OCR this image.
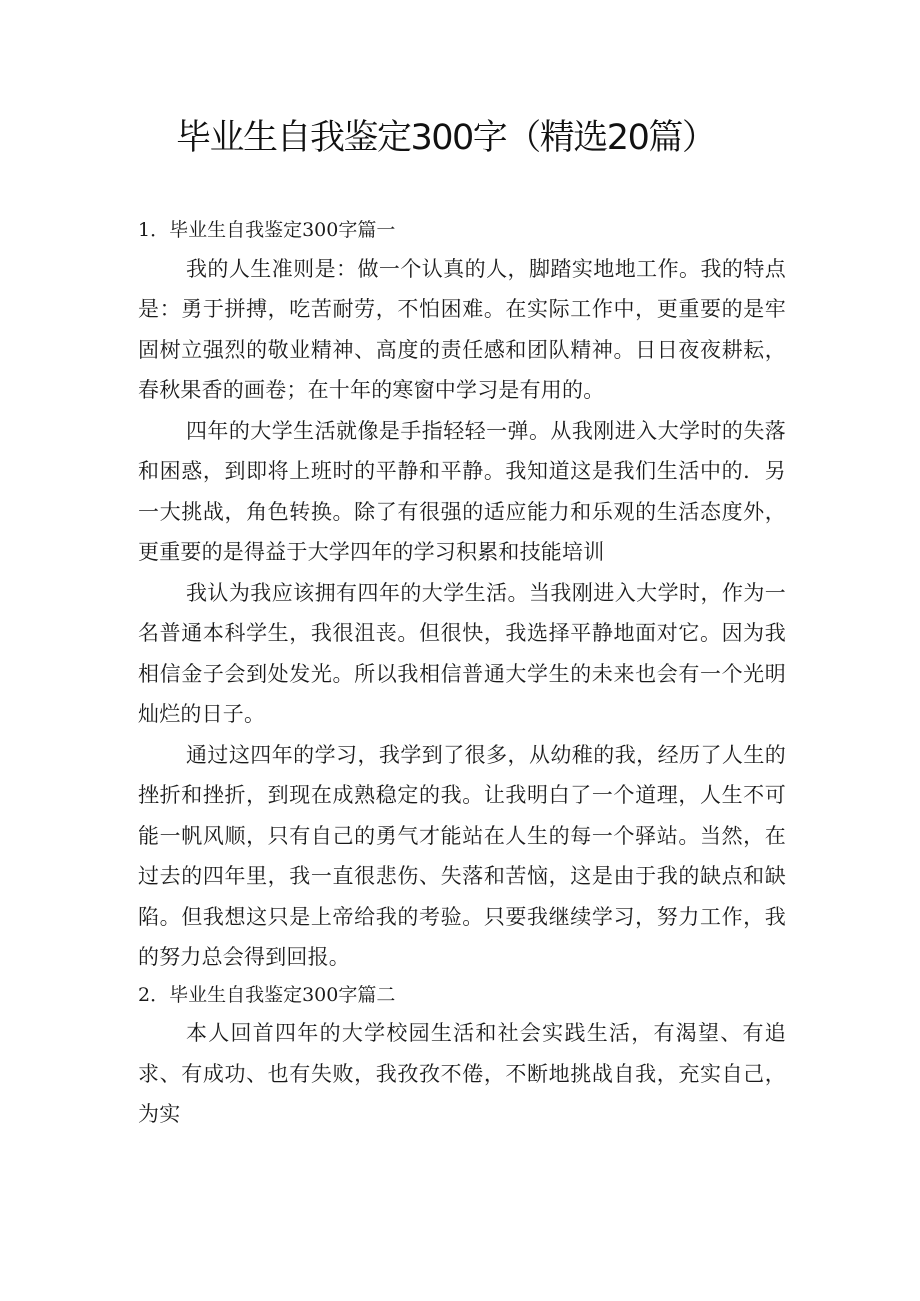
毕业生自我鉴定300字（精选20篇）

1．毕业生自我鉴定300字篇一

我的人生准则是：做一个认真的人，脚踏实地地工作。我的特点是：勇于拼搏，吃苦耐劳，不怕困难。在实际工作中，更重要的是牢固树立强烈的敬业精神、高度的责任感和团队精神。日日夜夜耕耘，春秋果香的画卷；在十年的寒窗中学习是有用的。

四年的大学生活就像是手指轻轻一弹。从我刚进入大学时的失落和困惑，到即将上班时的平静和平静。我知道这是我们生活中的．另一大挑战，角色转换。除了有很强的适应能力和乐观的生活态度外，更重要的是得益于大学四年的学习积累和技能培训

我认为我应该拥有四年的大学生活。当我刚进入大学时，作为一名普通本科学生，我很沮丧。但很快，我选择平静地面对它。因为我相信金子会到处发光。所以我相信普通大学生的未来也会有一个光明灿烂的日子。

通过这四年的学习，我学到了很多，从幼稚的我，经历了人生的挫折和挫折，到现在成熟稳定的我。让我明白了一个道理，人生不可能一帆风顺，只有自己的勇气才能站在人生的每一个驿站。当然，在过去的四年里，我一直很悲伤、失落和苦恼，这是由于我的缺点和缺陷。但我想这只是上帝给我的考验。只要我继续学习，努力工作，我的努力总会得到回报。

2．毕业生自我鉴定300字篇二

本人回首四年的大学校园生活和社会实践生活，有渴望、有追求、有成功、也有失败，我孜孜不倦，不断地挑战自我，充实自己，为实
